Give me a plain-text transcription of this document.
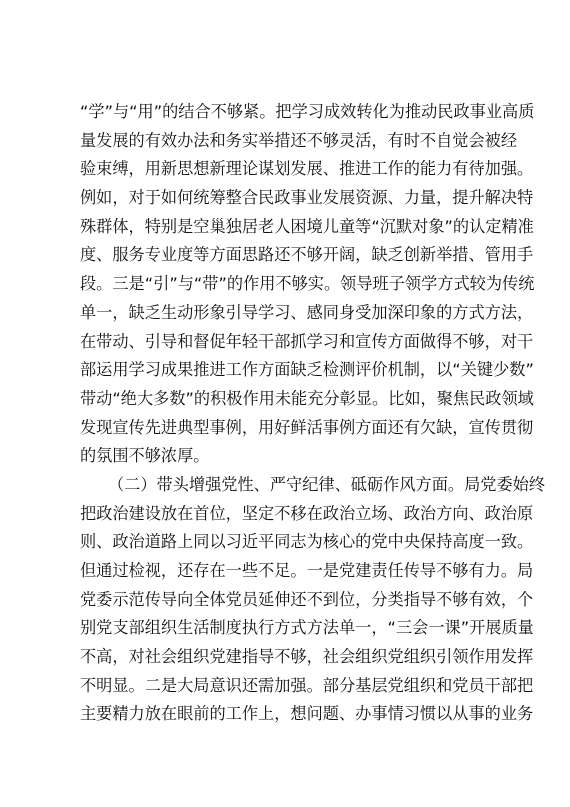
“学”与“用”的结合不够紧。把学习成效转化为推动民政事业高质
量发展的有效办法和务实举措还不够灵活，有时不自觉会被经
验束缚，用新思想新理论谋划发展、推进工作的能力有待加强。
例如，对于如何统筹整合民政事业发展资源、力量，提升解决特
殊群体，特别是空巢独居老人困境儿童等“沉默对象”的认定精准
度、服务专业度等方面思路还不够开阔，缺乏创新举措、管用手
段。三是“引”与“带”的作用不够实。领导班子领学方式较为传统
单一，缺乏生动形象引导学习、感同身受加深印象的方式方法，
在带动、引导和督促年轻干部抓学习和宣传方面做得不够，对干
部运用学习成果推进工作方面缺乏检测评价机制，以“关键少数”
带动“绝大多数”的积极作用未能充分彰显。比如，聚焦民政领域
发现宣传先进典型事例，用好鲜活事例方面还有欠缺，宣传贯彻
的氛围不够浓厚。
（二）带头增强党性、严守纪律、砥砺作风方面。局党委始终
把政治建设放在首位，坚定不移在政治立场、政治方向、政治原
则、政治道路上同以习近平同志为核心的党中央保持高度一致。
但通过检视，还存在一些不足。一是党建责任传导不够有力。局
党委示范传导向全体党员延伸还不到位，分类指导不够有效，个
别党支部组织生活制度执行方式方法单一，“三会一课”开展质量
不高，对社会组织党建指导不够，社会组织党组织引领作用发挥
不明显。二是大局意识还需加强。部分基层党组织和党员干部把
主要精力放在眼前的工作上，想问题、办事情习惯以从事的业务
